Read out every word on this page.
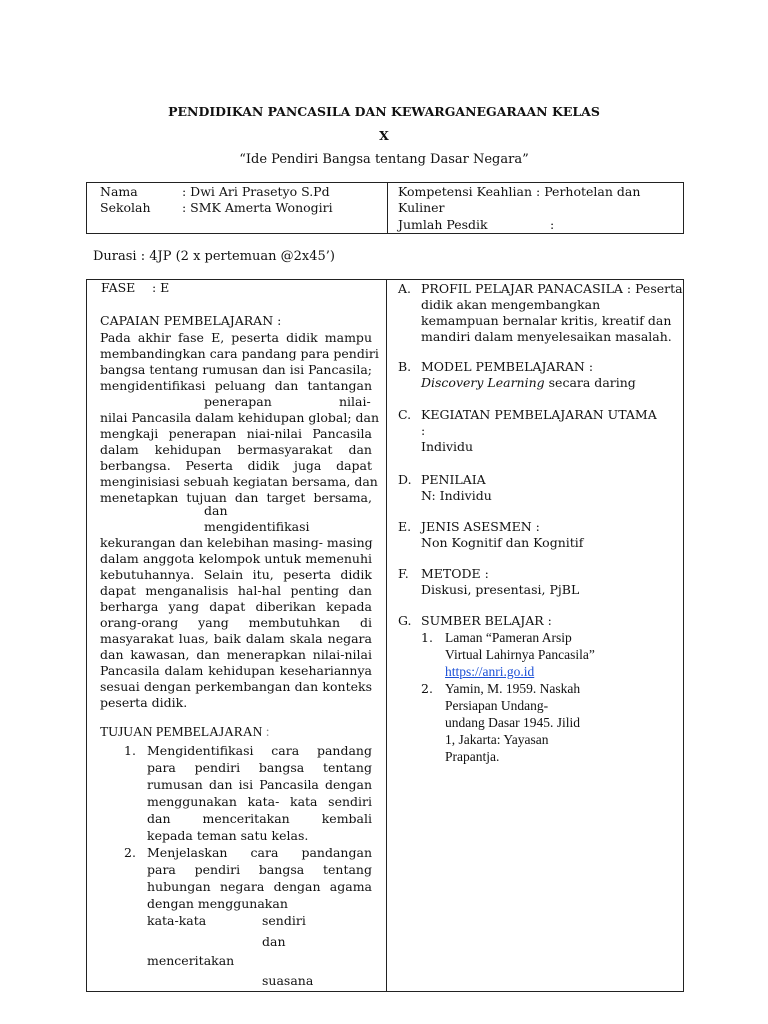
PENDIDIKAN PANCASILA DAN KEWARGANEGARAAN KELAS
X
“Ide Pendiri Bangsa tentang Dasar Negara”
Nama	: Dwi Ari Prasetyo S.Pd
Sekolah	: SMK Amerta Wonogiri
Kompetensi Keahlian : Perhotelan dan
Kuliner
Jumlah Pesdik	:
Durasi : 4JP (2 x pertemuan @2x45’)
FASE : E
CAPAIAN PEMBELAJARAN :
Pada akhir fase E, peserta didik mampu
membandingkan cara pandang para pendiri
bangsa tentang rumusan dan isi Pancasila;
mengidentifikasi peluang dan tantangan
penerapan	nilai-
nilai Pancasila dalam kehidupan global; dan
mengkaji penerapan niai-nilai Pancasila
dalam kehidupan bermasyarakat dan
berbangsa. Peserta didik juga dapat
menginisiasi sebuah kegiatan bersama, dan
menetapkan tujuan dan target bersama,
dan
mengidentifikasi
kekurangan dan kelebihan masing- masing
dalam anggota kelompok untuk memenuhi
kebutuhannya. Selain itu, peserta didik
dapat menganalisis hal-hal penting dan
berharga yang dapat diberikan kepada
orang-orang yang membutuhkan di
masyarakat luas, baik dalam skala negara
dan kawasan, dan menerapkan nilai-nilai
Pancasila dalam kehidupan kesehariannya
sesuai dengan perkembangan dan konteks
peserta didik.
TUJUAN PEMBELAJARAN :
1. Mengidentifikasi cara pandang
para pendiri bangsa tentang
rumusan dan isi Pancasila dengan
menggunakan kata- kata sendiri
dan menceritakan kembali
kepada teman satu kelas.
2. Menjelaskan cara pandangan
para pendiri bangsa tentang
hubungan negara dengan agama
dengan menggunakan
kata-kata	sendiri
dan
menceritakan
suasana
A. PROFIL PELAJAR PANACASILA : Peserta
didik akan mengembangkan
kemampuan bernalar kritis, kreatif dan
mandiri dalam menyelesaikan masalah.
B. MODEL PEMBELAJARAN :
Discovery Learning secara daring
C. KEGIATAN PEMBELAJARAN UTAMA
:
Individu
D. PENILAIA
N: Individu
E. JENIS ASESMEN :
Non Kognitif dan Kognitif
F. METODE :
Diskusi, presentasi, PjBL
G. SUMBER BELAJAR :
1. Laman “Pameran Arsip
Virtual Lahirnya Pancasila”
https://anri.go.id
2. Yamin, M. 1959. Naskah
Persiapan Undang-
undang Dasar 1945. Jilid
1, Jakarta: Yayasan
Prapantja.
